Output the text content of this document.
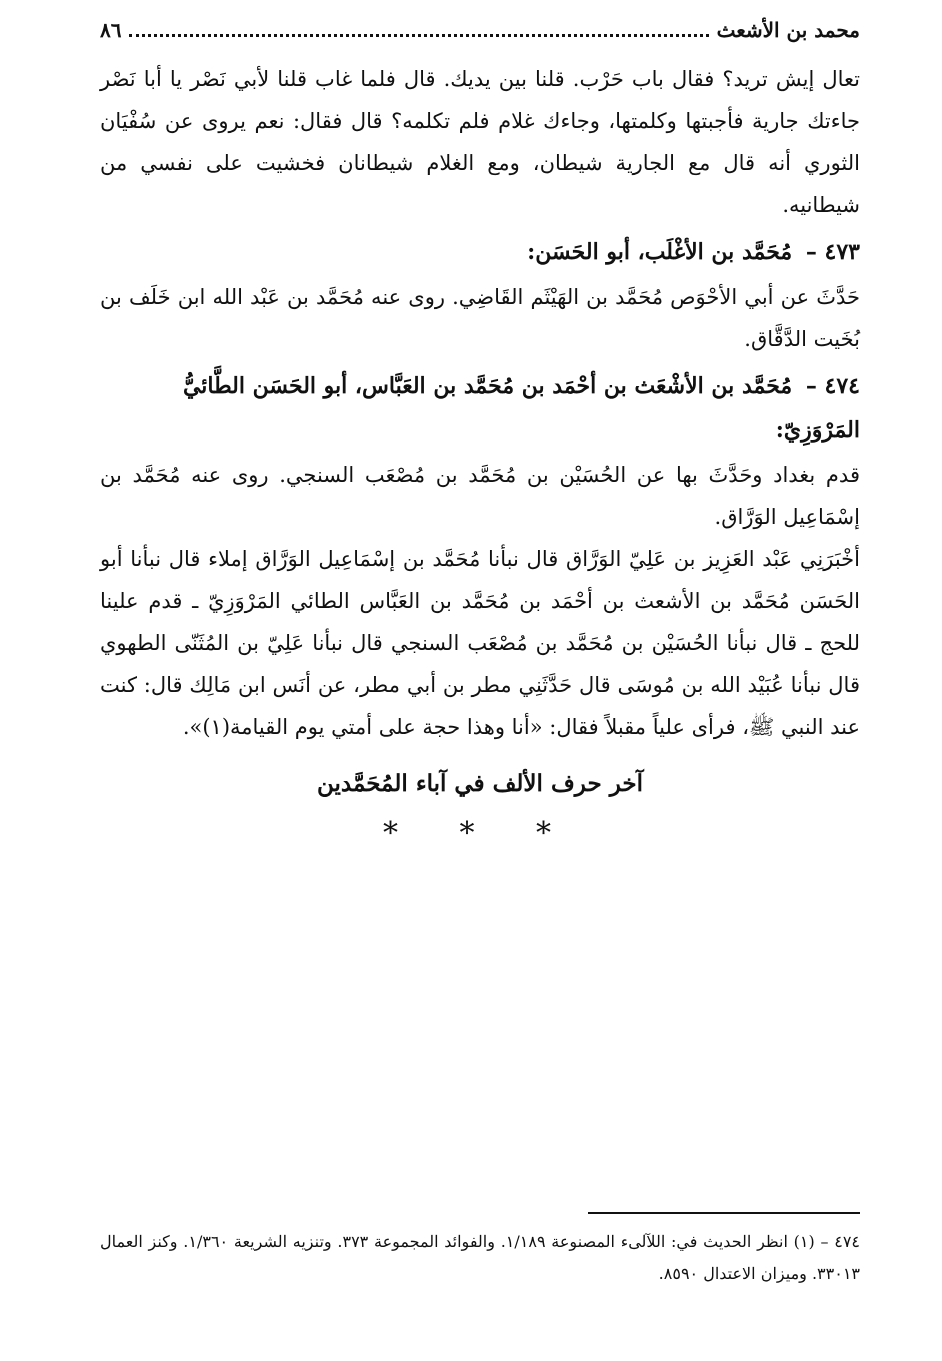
محمد بن الأشعث
٨٦

تعال إيش تريد؟ فقال باب حَرْب. قلنا بين يديك. قال فلما غاب قلنا لأبي نَصْر يا أبا نَصْر جاءتك جارية فأجبتها وكلمتها، وجاءك غلام فلم تكلمه؟ قال فقال: نعم يروى عن سُفْيَان الثوري أنه قال مع الجارية شيطان، ومع الغلام شيطانان فخشيت على نفسي من شيطانيه.

٤٧٣ – مُحَمَّد بن الأغْلَب، أبو الحَسَن:

حَدَّثَ عن أبي الأحْوَص مُحَمَّد بن الهَيْثَم القَاضِي. روى عنه مُحَمَّد بن عَبْد الله ابن خَلَف بن بُخَيت الدَّقَّاق.

٤٧٤ – مُحَمَّد بن الأشْعَث بن أحْمَد بن مُحَمَّد بن العَبَّاس، أبو الحَسَن الطَّائيُّ المَرْوَزِيّ:

قدم بغداد وحَدَّثَ بها عن الحُسَيْن بن مُحَمَّد بن مُصْعَب السنجي. روى عنه مُحَمَّد بن إسْمَاعِيل الوَرَّاق.

أخْبَرَنِي عَبْد العَزِيز بن عَلِيّ الوَرَّاق قال نبأنا مُحَمَّد بن إسْمَاعِيل الوَرَّاق إملاء قال نبأنا أبو الحَسَن مُحَمَّد بن الأشعث بن أحْمَد بن مُحَمَّد بن العَبَّاس الطائي المَرْوَزِيّ ـ قدم علينا للحج ـ قال نبأنا الحُسَيْن بن مُحَمَّد بن مُصْعَب السنجي قال نبأنا عَلِيّ بن المُثَنّى الطهوي قال نبأنا عُبَيْد الله بن مُوسَى قال حَدَّثَنِي مطر بن أبي مطر، عن أنَس ابن مَالِك قال: كنت عند النبي ﷺ، فرأى علياً مقبلاً فقال: «أنا وهذا حجة على أمتي يوم القيامة(١)».

آخر حرف الألف في آباء المُحَمَّدين
* * *
٤٧٤ – (١) انظر الحديث في: اللآلىء المصنوعة ١/١٨٩. والفوائد المجموعة ٣٧٣. وتنزيه الشريعة ١/٣٦٠. وكنز العمال ٣٣٠١٣. وميزان الاعتدال ٨٥٩٠.
